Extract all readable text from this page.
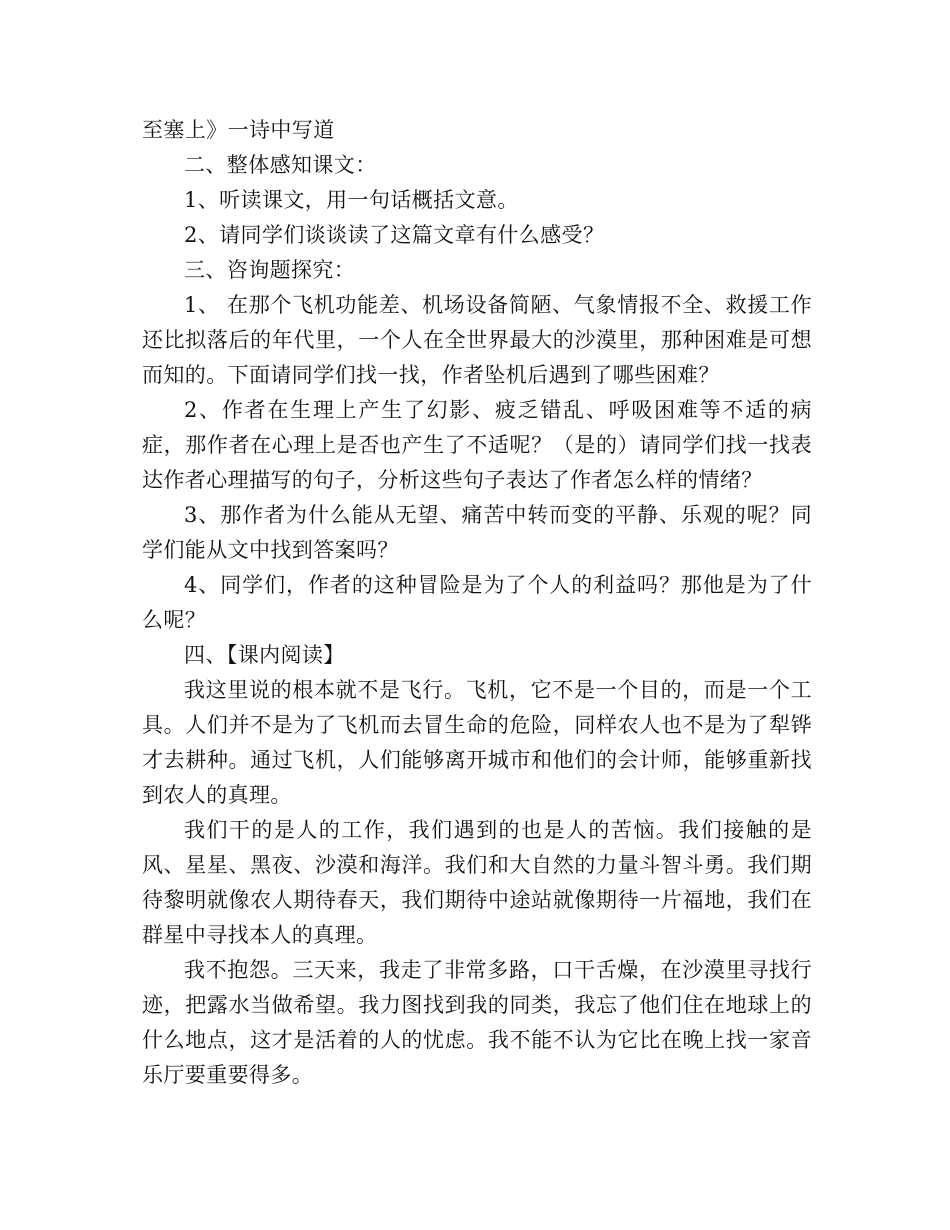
至塞上》一诗中写道

二、整体感知课文：

1、听读课文，用一句话概括文意。

2、请同学们谈谈读了这篇文章有什么感受？

三、咨询题探究：

1、 在那个飞机功能差、机场设备简陋、气象情报不全、救援工作还比拟落后的年代里，一个人在全世界最大的沙漠里，那种困难是可想而知的。下面请同学们找一找，作者坠机后遇到了哪些困难？

2、作者在生理上产生了幻影、疲乏错乱、呼吸困难等不适的病症，那作者在心理上是否也产生了不适呢？（是的）请同学们找一找表达作者心理描写的句子，分析这些句子表达了作者怎么样的情绪？

3、那作者为什么能从无望、痛苦中转而变的平静、乐观的呢？同学们能从文中找到答案吗？

4、同学们，作者的这种冒险是为了个人的利益吗？那他是为了什么呢？

四、【课内阅读】

我这里说的根本就不是飞行。飞机，它不是一个目的，而是一个工具。人们并不是为了飞机而去冒生命的危险，同样农人也不是为了犁铧才去耕种。通过飞机，人们能够离开城市和他们的会计师，能够重新找到农人的真理。

我们干的是人的工作，我们遇到的也是人的苦恼。我们接触的是风、星星、黑夜、沙漠和海洋。我们和大自然的力量斗智斗勇。我们期待黎明就像农人期待春天，我们期待中途站就像期待一片福地，我们在群星中寻找本人的真理。

我不抱怨。三天来，我走了非常多路，口干舌燥，在沙漠里寻找行迹，把露水当做希望。我力图找到我的同类，我忘了他们住在地球上的什么地点，这才是活着的人的忧虑。我不能不认为它比在晚上找一家音乐厅要重要得多。
